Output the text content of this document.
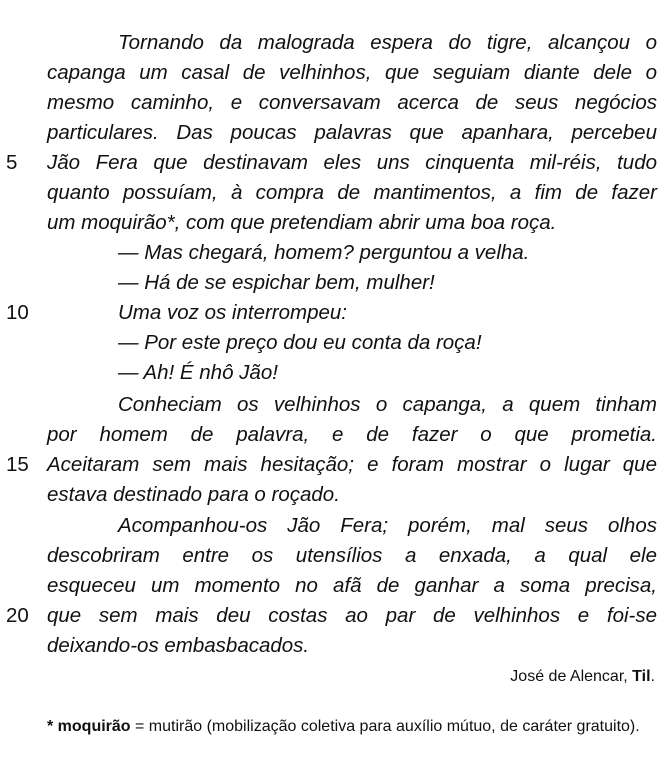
Tornando da malograda espera do tigre, alcançou o
capanga um casal de velhinhos, que seguiam diante dele o
mesmo caminho, e conversavam acerca de seus negócios
particulares. Das poucas palavras que apanhara, percebeu
Jão Fera que destinavam eles uns cinquenta mil-réis, tudo
quanto possuíam, à compra de mantimentos, a fim de fazer
um moquirão*, com que pretendiam abrir uma boa roça.
— Mas chegará, homem? perguntou a velha.
— Há de se espichar bem, mulher!
Uma voz os interrompeu:
— Por este preço dou eu conta da roça!
— Ah! É nhô Jão!
Conheciam os velhinhos o capanga, a quem tinham
por homem de palavra, e de fazer o que prometia.
Aceitaram sem mais hesitação; e foram mostrar o lugar que
estava destinado para o roçado.
Acompanhou-os Jão Fera; porém, mal seus olhos
descobriram entre os utensílios a enxada, a qual ele
esqueceu um momento no afã de ganhar a soma precisa,
que sem mais deu costas ao par de velhinhos e foi-se
deixando-os embasbacados.
5
10
15
20
José de Alencar, Til.
* moquirão = mutirão (mobilização coletiva para auxílio mútuo, de caráter gratuito).
